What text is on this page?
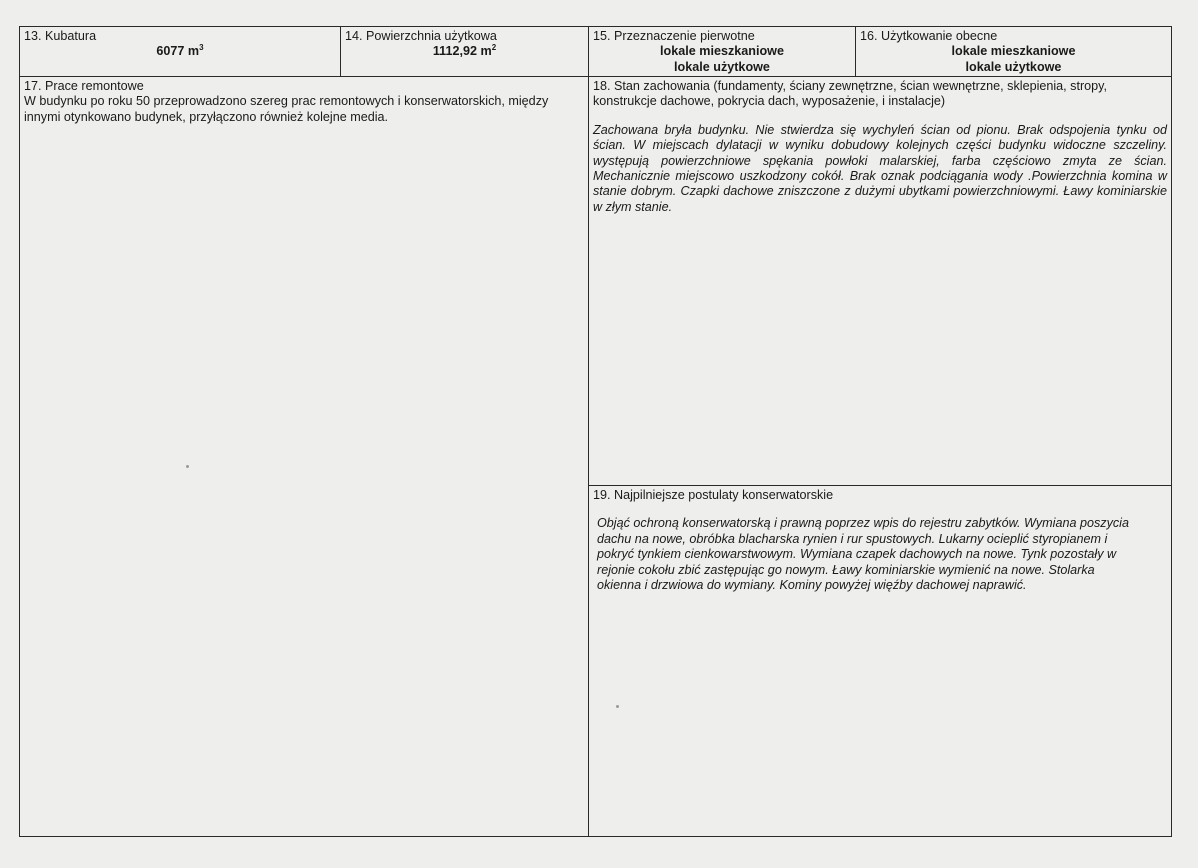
13. Kubatura
6077 $m^3$
14. Powierzchnia użytkowa
1112,92 $m^2$
15. Przeznaczenie pierwotne
lokale mieszkaniowe
lokale użytkowe
16. Użytkowanie obecne
lokale mieszkaniowe
lokale użytkowe
17. Prace remontowe
W budynku po roku 50 przeprowadzono szereg prac remontowych i konserwatorskich, między innymi otynkowano budynek, przyłączono również kolejne media.
18. Stan zachowania (fundamenty, ściany zewnętrzne, ścian wewnętrzne, sklepienia, stropy, konstrukcje dachowe, pokrycia dach, wyposażenie, i instalacje)
Zachowana bryła budynku. Nie stwierdza się wychyleń ścian od pionu. Brak odspojenia tynku od ścian. W miejscach dylatacji w wyniku dobudowy kolejnych części budynku widoczne szczeliny. występują powierzchniowe spękania powłoki malarskiej, farba częściowo zmyta ze ścian. Mechanicznie miejscowo uszkodzony cokół. Brak oznak podciągania wody .Powierzchnia komina w stanie dobrym. Czapki dachowe zniszczone z dużymi ubytkami powierzchniowymi. Ławy kominiarskie w złym stanie.
19. Najpilniejsze postulaty konserwatorskie
Objąć ochroną konserwatorską i prawną poprzez wpis do rejestru zabytków. Wymiana poszycia dachu na nowe, obróbka blacharska rynien i rur spustowych. Lukarny ocieplić styropianem i pokryć tynkiem cienkowarstwowym. Wymiana czapek dachowych na nowe. Tynk pozostały w rejonie cokołu zbić zastępując go nowym. Ławy kominiarskie wymienić na nowe. Stolarka okienna i drzwiowa do wymiany. Kominy powyżej więźby dachowej naprawić.
